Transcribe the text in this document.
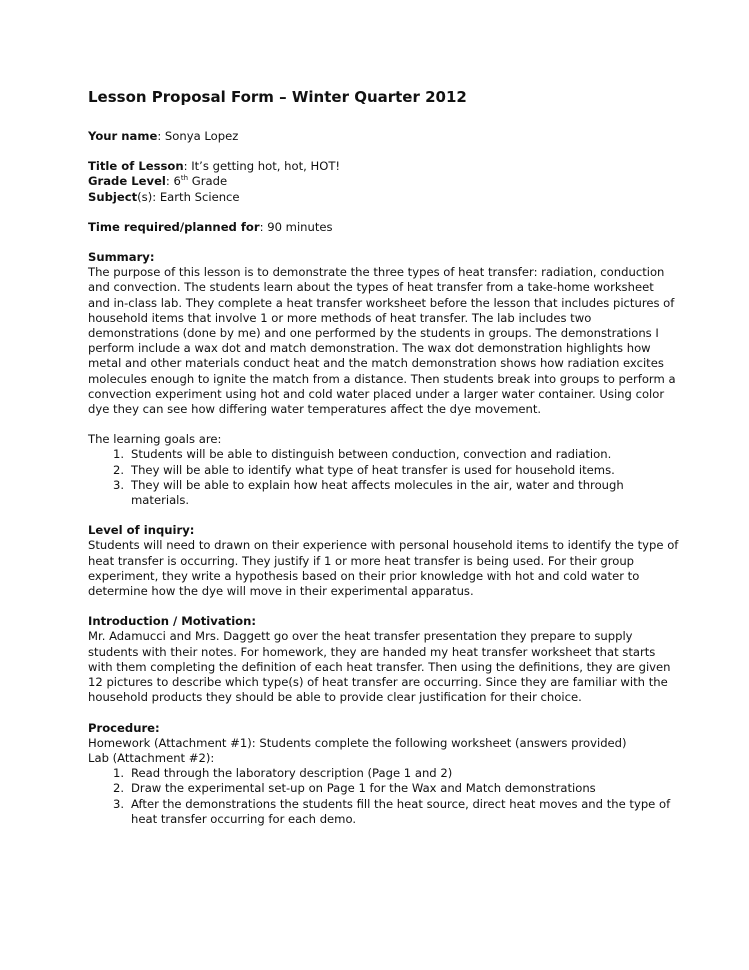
Lesson Proposal Form – Winter Quarter 2012

Your name: Sonya Lopez

Title of Lesson: It’s getting hot, hot, HOT!

Grade Level: 6th Grade

Subject(s): Earth Science

Time required/planned for: 90 minutes

Summary:

The purpose of this lesson is to demonstrate the three types of heat transfer: radiation, conduction and convection. The students learn about the types of heat transfer from a take-home worksheet and in-class lab. They complete a heat transfer worksheet before the lesson that includes pictures of household items that involve 1 or more methods of heat transfer. The lab includes two demonstrations (done by me) and one performed by the students in groups. The demonstrations I perform include a wax dot and match demonstration. The wax dot demonstration highlights how metal and other materials conduct heat and the match demonstration shows how radiation excites molecules enough to ignite the match from a distance. Then students break into groups to perform a convection experiment using hot and cold water placed under a larger water container. Using color dye they can see how differing water temperatures affect the dye movement.

The learning goals are:

1. Students will be able to distinguish between conduction, convection and radiation.
2. They will be able to identify what type of heat transfer is used for household items.
3. They will be able to explain how heat affects molecules in the air, water and through materials.

Level of inquiry:

Students will need to drawn on their experience with personal household items to identify the type of heat transfer is occurring. They justify if 1 or more heat transfer is being used. For their group experiment, they write a hypothesis based on their prior knowledge with hot and cold water to determine how the dye will move in their experimental apparatus.

Introduction / Motivation:

Mr. Adamucci and Mrs. Daggett go over the heat transfer presentation they prepare to supply students with their notes. For homework, they are handed my heat transfer worksheet that starts with them completing the definition of each heat transfer. Then using the definitions, they are given 12 pictures to describe which type(s) of heat transfer are occurring. Since they are familiar with the household products they should be able to provide clear justification for their choice.

Procedure:

Homework (Attachment #1): Students complete the following worksheet (answers provided)

Lab (Attachment #2):

1. Read through the laboratory description (Page 1 and 2)
2. Draw the experimental set-up on Page 1 for the Wax and Match demonstrations
3. After the demonstrations the students fill the heat source, direct heat moves and the type of heat transfer occurring for each demo.
